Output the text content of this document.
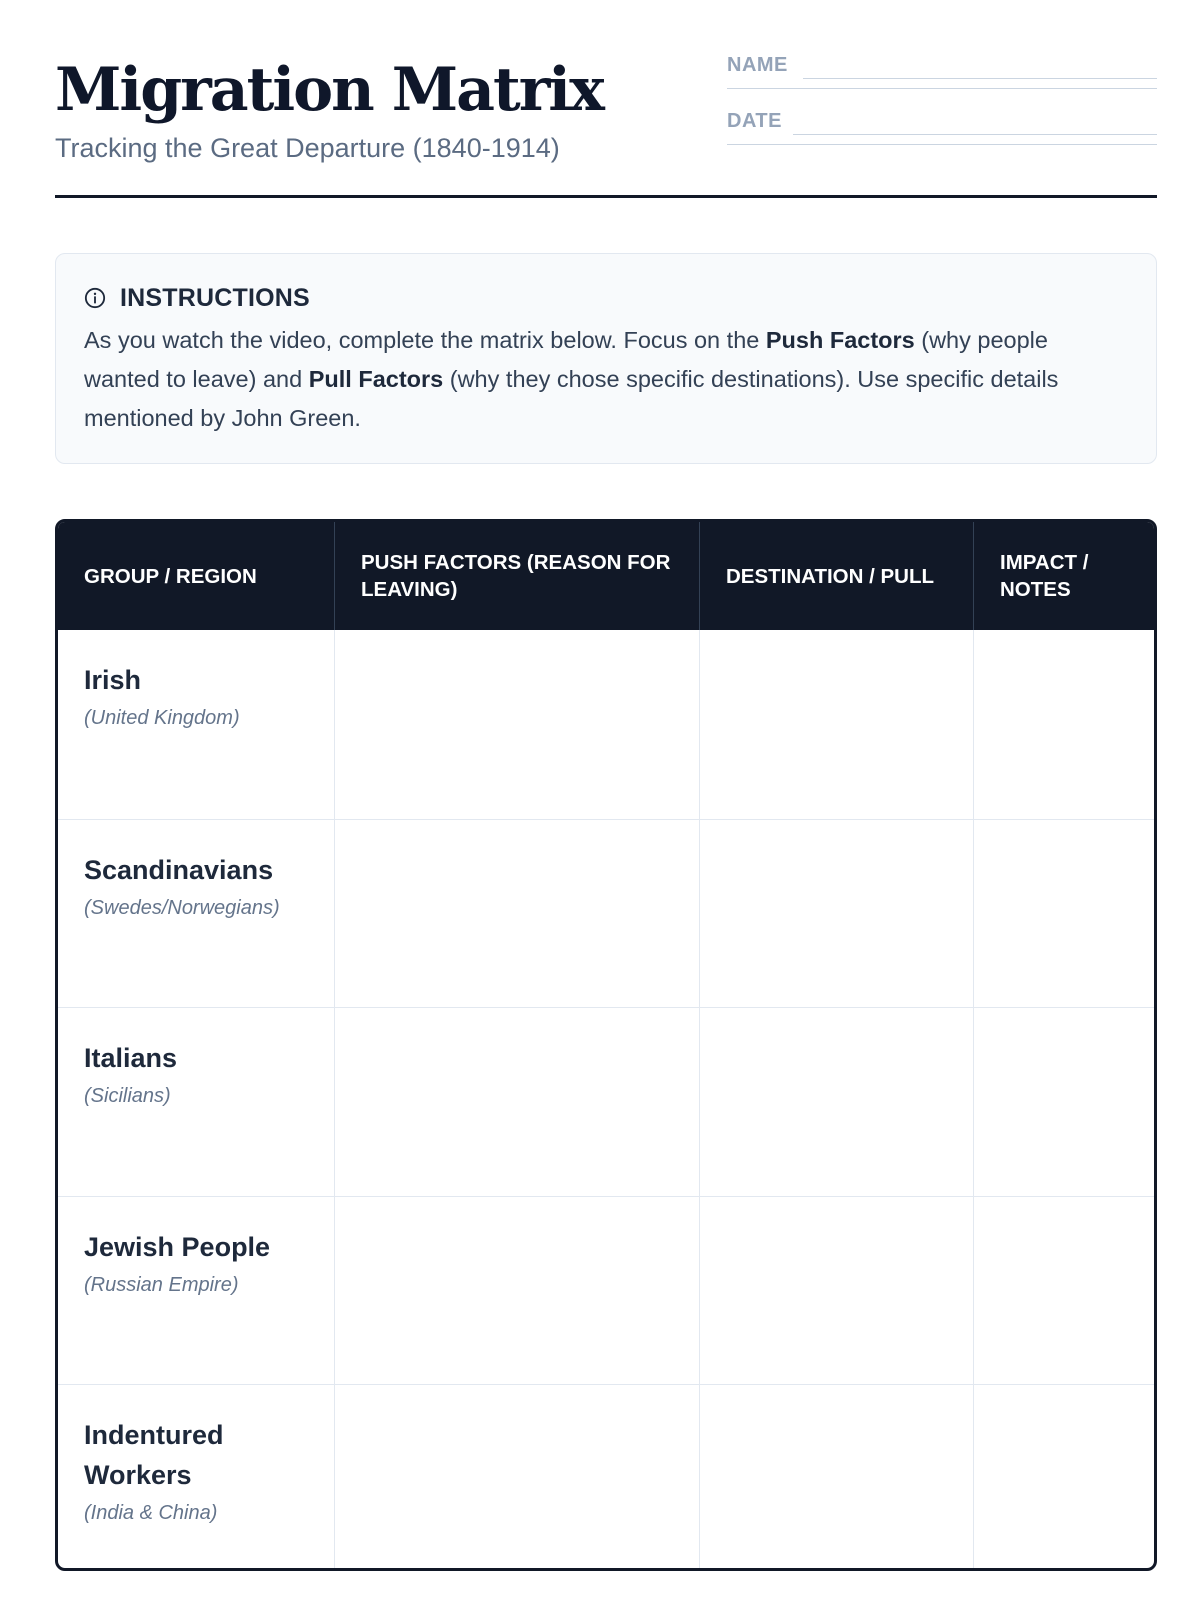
Migration Matrix
Tracking the Great Departure (1840-1914)
NAME
DATE
INSTRUCTIONS

As you watch the video, complete the matrix below. Focus on the Push Factors (why people wanted to leave) and Pull Factors (why they chose specific destinations). Use specific details mentioned by John Green.

GROUP / REGION
PUSH FACTORS (REASON FOR LEAVING)
DESTINATION / PULL
IMPACT / NOTES
Irish
(United Kingdom)
Scandinavians
(Swedes/Norwegians)
Italians
(Sicilians)
Jewish People
(Russian Empire)
Indentured Workers
(India & China)
